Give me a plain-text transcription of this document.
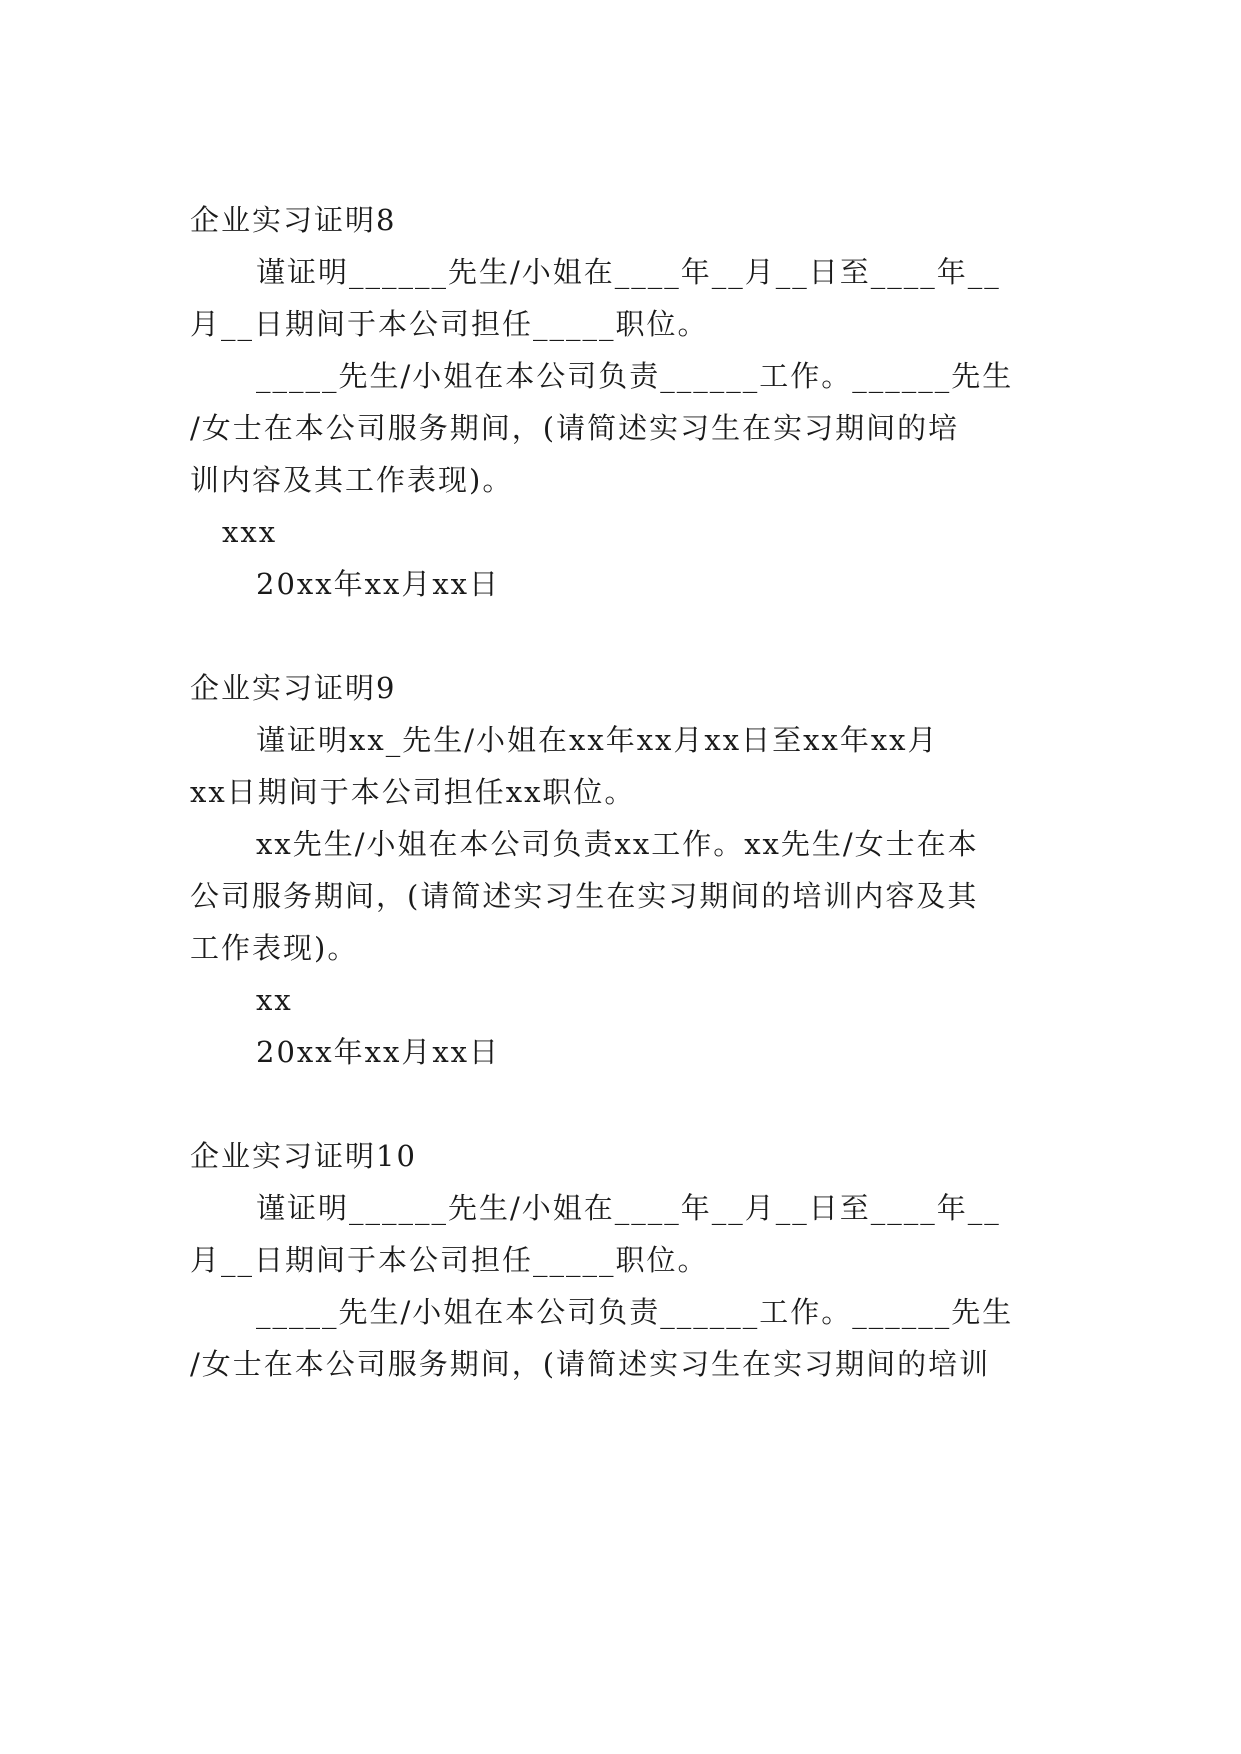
企业实习证明8
谨证明______先生/小姐在____年__月__日至____年__
月__日期间于本公司担任_____职位。
_____先生/小姐在本公司负责______工作。______先生
/女士在本公司服务期间，(请简述实习生在实习期间的培
训内容及其工作表现)。
xxx
20xx年xx月xx日
企业实习证明9
谨证明xx_先生/小姐在xx年xx月xx日至xx年xx月
xx日期间于本公司担任xx职位。
xx先生/小姐在本公司负责xx工作。xx先生/女士在本
公司服务期间，(请简述实习生在实习期间的培训内容及其
工作表现)。
xx
20xx年xx月xx日
企业实习证明10
谨证明______先生/小姐在____年__月__日至____年__
月__日期间于本公司担任_____职位。
_____先生/小姐在本公司负责______工作。______先生
/女士在本公司服务期间，(请简述实习生在实习期间的培训
